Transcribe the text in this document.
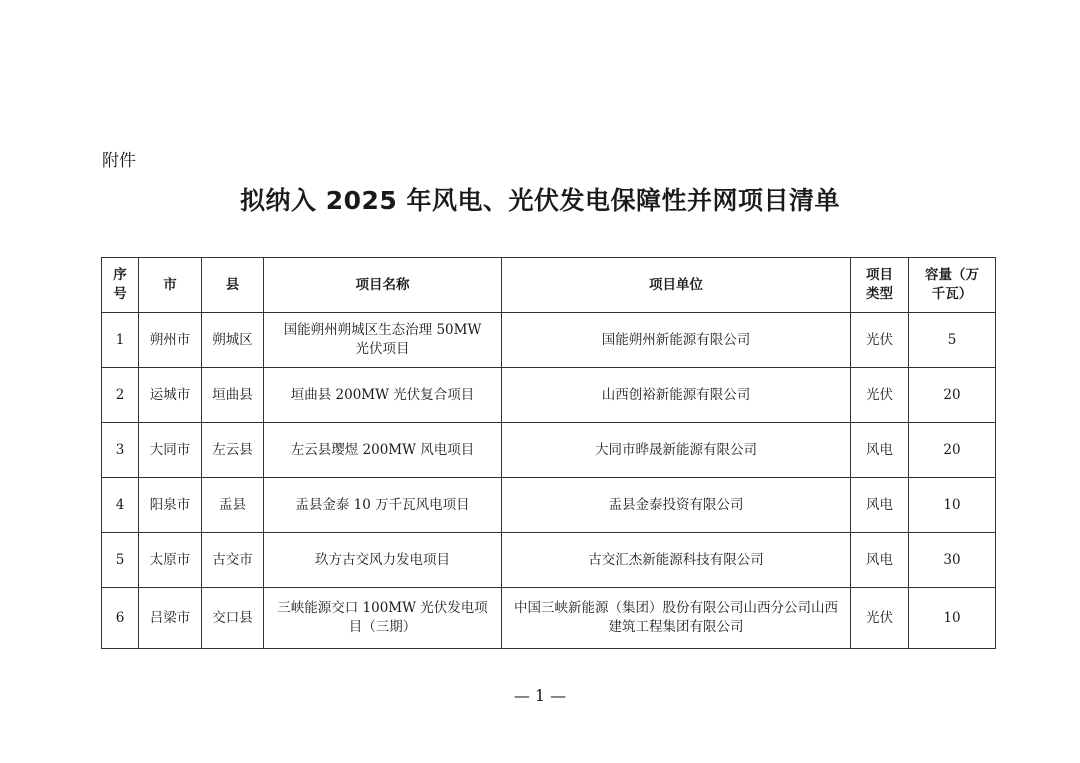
附件
拟纳入 2025 年风电、光伏发电保障性并网项目清单
序号	市	县	项目名称	项目单位	项目类型	容量（万千瓦）
1	朔州市	朔城区	国能朔州朔城区生态治理 50MW 光伏项目	国能朔州新能源有限公司	光伏	5
2	运城市	垣曲县	垣曲县 200MW 光伏复合项目	山西创裕新能源有限公司	光伏	20
3	大同市	左云县	左云县璎煜 200MW 风电项目	大同市晔晟新能源有限公司	风电	20
4	阳泉市	盂县	盂县金泰 10 万千瓦风电项目	盂县金泰投资有限公司	风电	10
5	太原市	古交市	玖方古交风力发电项目	古交汇杰新能源科技有限公司	风电	30
6	吕梁市	交口县	三峡能源交口 100MW 光伏发电项目（三期）	中国三峡新能源（集团）股份有限公司山西分公司山西建筑工程集团有限公司	光伏	10
— 1 —
